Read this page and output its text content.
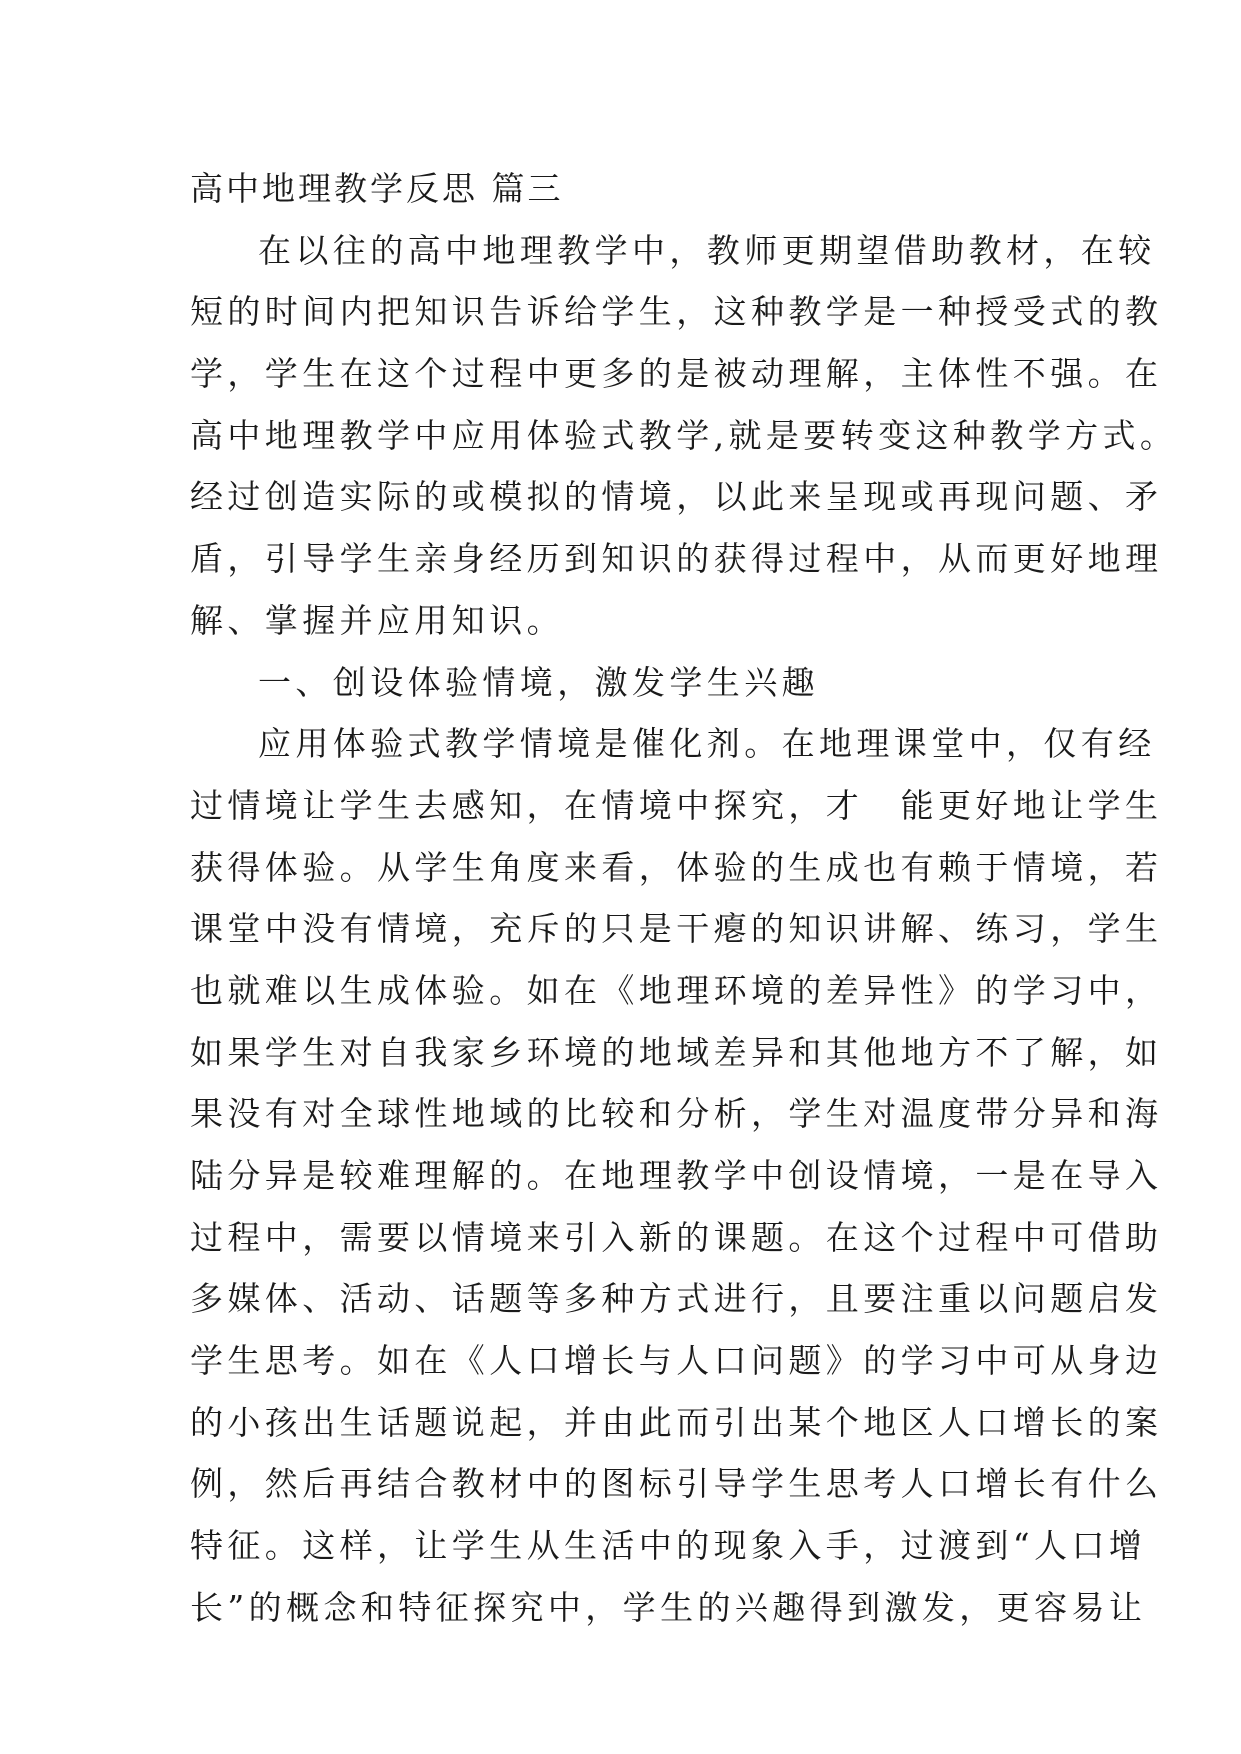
高中地理教学反思 篇三
在以往的高中地理教学中，教师更期望借助教材，在较
短的时间内把知识告诉给学生，这种教学是一种授受式的教
学，学生在这个过程中更多的是被动理解，主体性不强。在
高中地理教学中应用体验式教学,就是要转变这种教学方式。
经过创造实际的或模拟的情境，以此来呈现或再现问题、矛
盾，引导学生亲身经历到知识的获得过程中，从而更好地理
解、掌握并应用知识。
一、创设体验情境，激发学生兴趣
应用体验式教学情境是催化剂。在地理课堂中，仅有经
过情境让学生去感知，在情境中探究，才　能更好地让学生
获得体验。从学生角度来看，体验的生成也有赖于情境，若
课堂中没有情境，充斥的只是干瘪的知识讲解、练习，学生
也就难以生成体验。如在《地理环境的差异性》的学习中，
如果学生对自我家乡环境的地域差异和其他地方不了解，如
果没有对全球性地域的比较和分析，学生对温度带分异和海
陆分异是较难理解的。在地理教学中创设情境，一是在导入
过程中，需要以情境来引入新的课题。在这个过程中可借助
多媒体、活动、话题等多种方式进行，且要注重以问题启发
学生思考。如在《人口增长与人口问题》的学习中可从身边
的小孩出生话题说起，并由此而引出某个地区人口增长的案
例，然后再结合教材中的图标引导学生思考人口增长有什么
特征。这样，让学生从生活中的现象入手，过渡到“人口增
长”的概念和特征探究中，学生的兴趣得到激发，更容易让
